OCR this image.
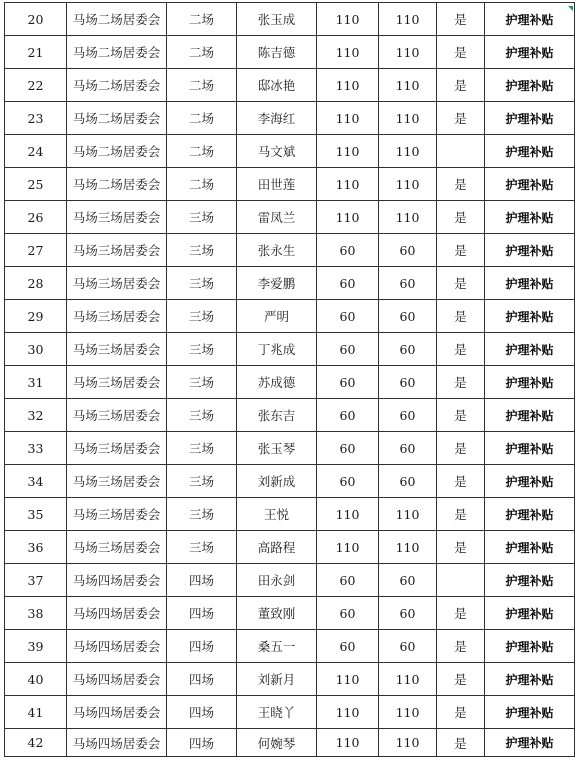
20	马场二场居委会	二场	张玉成	110	110	是	护理补贴

21	马场二场居委会	二场	陈吉德	110	110	是	护理补贴
22	马场二场居委会	二场	邸冰艳	110	110	是	护理补贴
23	马场二场居委会	二场	李海红	110	110	是	护理补贴
24	马场二场居委会	二场	马文斌	110	110		护理补贴
25	马场二场居委会	二场	田世莲	110	110	是	护理补贴
26	马场三场居委会	三场	雷凤兰	110	110	是	护理补贴
27	马场三场居委会	三场	张永生	60	60	是	护理补贴
28	马场三场居委会	三场	李爱鹏	60	60	是	护理补贴
29	马场三场居委会	三场	严明	60	60	是	护理补贴
30	马场三场居委会	三场	丁兆成	60	60	是	护理补贴
31	马场三场居委会	三场	苏成德	60	60	是	护理补贴
32	马场三场居委会	三场	张东吉	60	60	是	护理补贴
33	马场三场居委会	三场	张玉琴	60	60	是	护理补贴
34	马场三场居委会	三场	刘新成	60	60	是	护理补贴
35	马场三场居委会	三场	王悦	110	110	是	护理补贴
36	马场三场居委会	三场	高路程	110	110	是	护理补贴
37	马场四场居委会	四场	田永剑	60	60		护理补贴
38	马场四场居委会	四场	董致刚	60	60	是	护理补贴
39	马场四场居委会	四场	桑五一	60	60	是	护理补贴
40	马场四场居委会	四场	刘新月	110	110	是	护理补贴
41	马场四场居委会	四场	王晓丫	110	110	是	护理补贴
42	马场四场居委会	四场	何婉琴	110	110	是	护理补贴
